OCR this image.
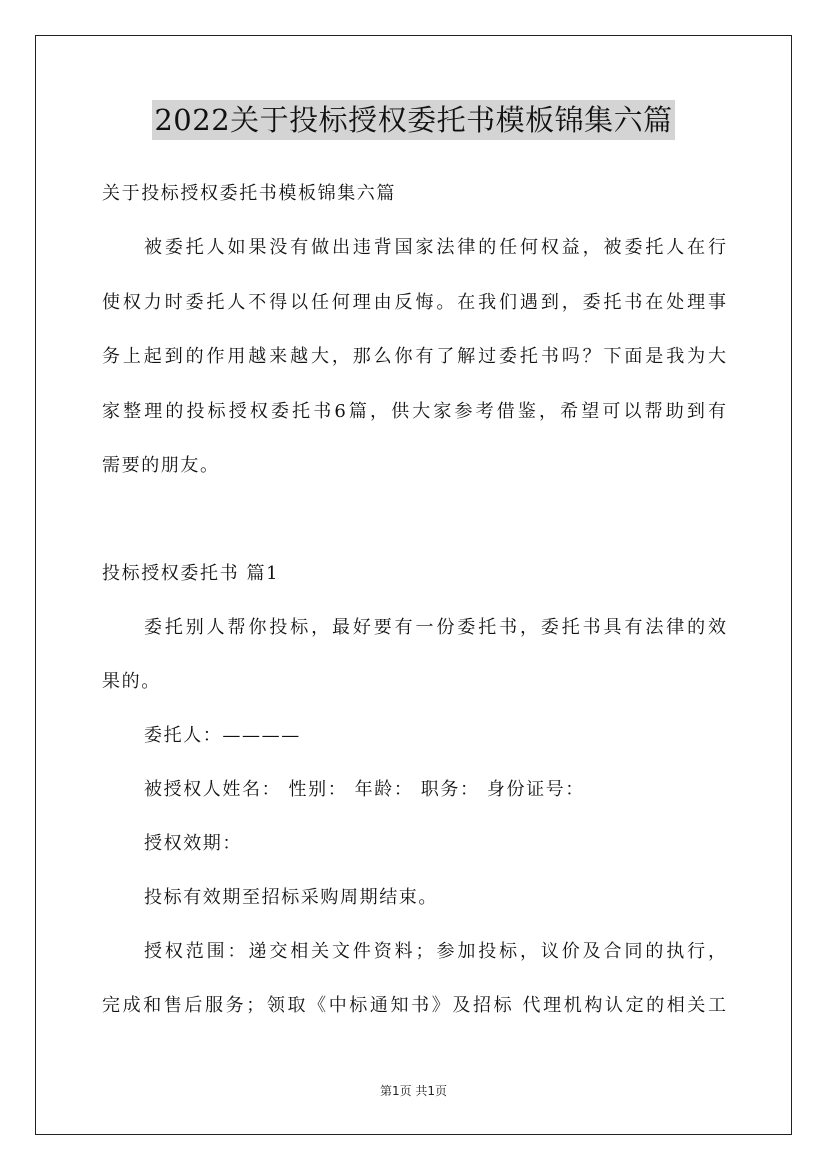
2022关于投标授权委托书模板锦集六篇
关于投标授权委托书模板锦集六篇
被委托人如果没有做出违背国家法律的任何权益，被委托人在行
使权力时委托人不得以任何理由反悔。在我们遇到，委托书在处理事
务上起到的作用越来越大，那么你有了解过委托书吗？下面是我为大
家整理的投标授权委托书6篇，供大家参考借鉴，希望可以帮助到有
需要的朋友。
投标授权委托书 篇1
委托别人帮你投标，最好要有一份委托书，委托书具有法律的效
果的。
委托人：————
被授权人姓名： 性别： 年龄： 职务： 身份证号：
授权效期：
投标有效期至招标采购周期结束。
授权范围：递交相关文件资料；参加投标，议价及合同的执行，
完成和售后服务；领取《中标通知书》及招标 代理机构认定的相关工
第1页 共1页
